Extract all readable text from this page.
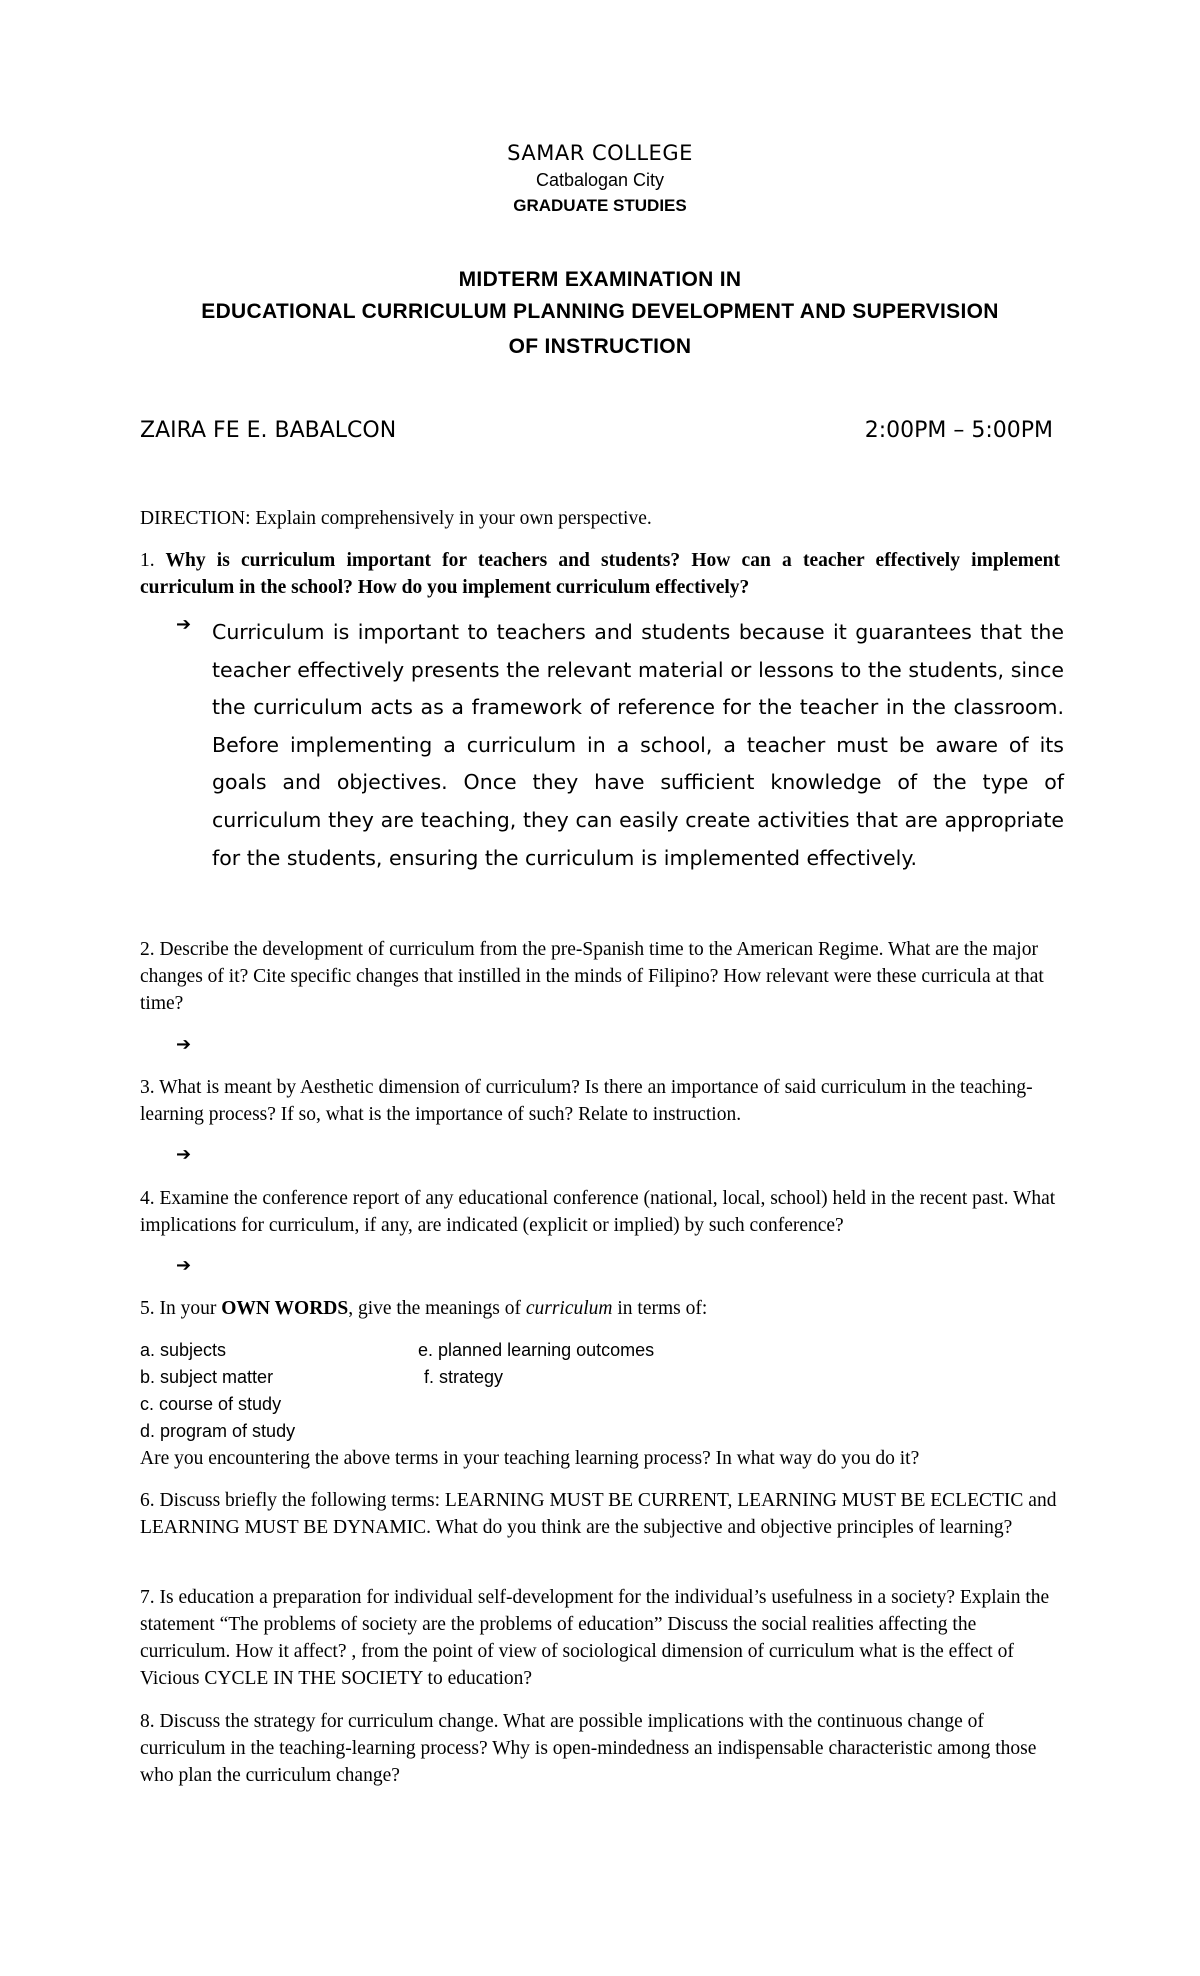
SAMAR COLLEGE
Catbalogan City
GRADUATE STUDIES
MIDTERM EXAMINATION IN
EDUCATIONAL CURRICULUM PLANNING DEVELOPMENT AND SUPERVISION
OF INSTRUCTION
ZAIRA FE E. BABALCON	2:00PM – 5:00PM
DIRECTION: Explain comprehensively in your own perspective.
1. Why is curriculum important for teachers and students? How can a teacher effectively implement curriculum in the school? How do you implement curriculum effectively?
➔ Curriculum is important to teachers and students because it guarantees that the teacher effectively presents the relevant material or lessons to the students, since the curriculum acts as a framework of reference for the teacher in the classroom. Before implementing a curriculum in a school, a teacher must be aware of its goals and objectives. Once they have sufficient knowledge of the type of curriculum they are teaching, they can easily create activities that are appropriate for the students, ensuring the curriculum is implemented effectively.
2. Describe the development of curriculum from the pre-Spanish time to the American Regime. What are the major changes of it? Cite specific changes that instilled in the minds of Filipino? How relevant were these curricula at that time?
➔
3. What is meant by Aesthetic dimension of curriculum? Is there an importance of said curriculum in the teaching-learning process? If so, what is the importance of such? Relate to instruction.
➔
4. Examine the conference report of any educational conference (national, local, school) held in the recent past. What implications for curriculum, if any, are indicated (explicit or implied) by such conference?
➔
5. In your OWN WORDS, give the meanings of curriculum in terms of:
a. subjects
b. subject matter
c. course of study
d. program of study
e. planned learning outcomes
f. strategy
Are you encountering the above terms in your teaching learning process? In what way do you do it?
6. Discuss briefly the following terms: LEARNING MUST BE CURRENT, LEARNING MUST BE ECLECTIC and LEARNING MUST BE DYNAMIC. What do you think are the subjective and objective principles of learning?
7. Is education a preparation for individual self-development for the individual’s usefulness in a society? Explain the statement “The problems of society are the problems of education” Discuss the social realities affecting the curriculum. How it affect? , from the point of view of sociological dimension of curriculum what is the effect of Vicious CYCLE IN THE SOCIETY to education?
8. Discuss the strategy for curriculum change. What are possible implications with the continuous change of curriculum in the teaching-learning process? Why is open-mindedness an indispensable characteristic among those who plan the curriculum change?
